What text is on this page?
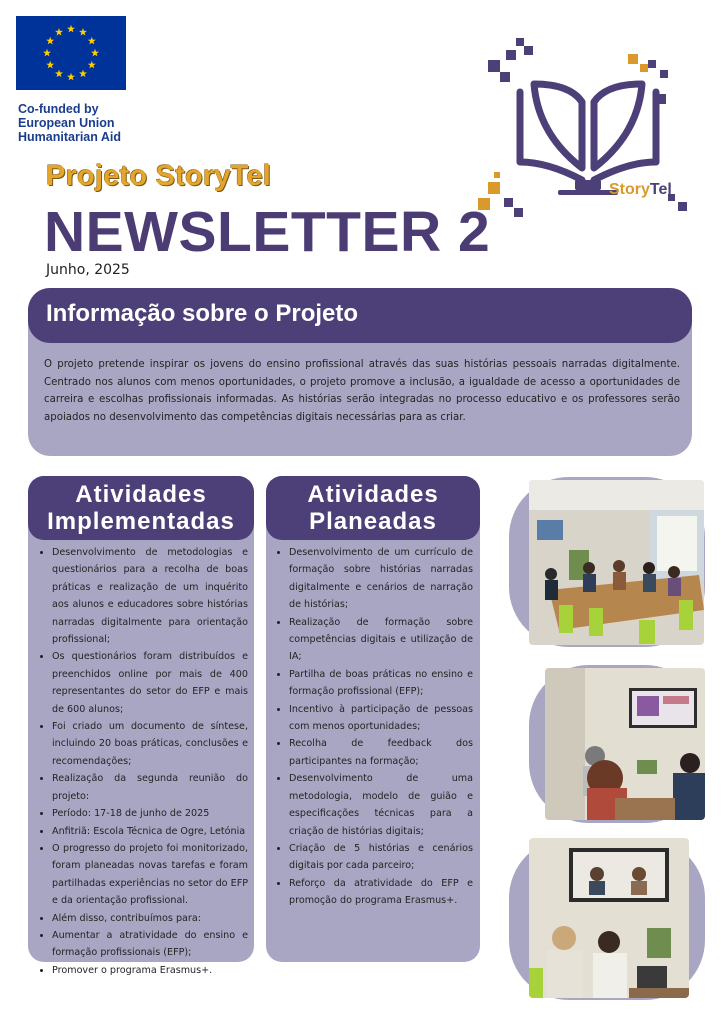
Co-funded by
European Union
Humanitarian Aid
StoryTel
Projeto StoryTel
NEWSLETTER 2
Junho, 2025
Informação sobre o Projeto
O projeto pretende inspirar os jovens do ensino profissional através das suas histórias pessoais narradas digitalmente. Centrado nos alunos com menos oportunidades, o projeto promove a inclusão, a igualdade de acesso a oportunidades de carreira e escolhas profissionais informadas. As histórias serão integradas no processo educativo e os professores serão apoiados no desenvolvimento das competências digitais necessárias para as criar.
Atividades
Implementadas
• Desenvolvimento de metodologias e questionários para a recolha de boas práticas e realização de um inquérito aos alunos e educadores sobre histórias narradas digitalmente para orientação profissional;
• Os questionários foram distribuídos e preenchidos online por mais de 400 representantes do setor do EFP e mais de 600 alunos;
• Foi criado um documento de síntese, incluindo 20 boas práticas, conclusões e recomendações;
• Realização da segunda reunião do projeto:
• Período: 17-18 de junho de 2025
• Anfitriã: Escola Técnica de Ogre, Letónia
• O progresso do projeto foi monitorizado, foram planeadas novas tarefas e foram partilhadas experiências no setor do EFP e da orientação profissional.
• Além disso, contribuímos para:
• Aumentar a atratividade do ensino e formação profissionais (EFP);
• Promover o programa Erasmus+.
Atividades
Planeadas
• Desenvolvimento de um currículo de formação sobre histórias narradas digitalmente e cenários de narração de histórias;
• Realização de formação sobre competências digitais e utilização de IA;
• Partilha de boas práticas no ensino e formação profissional (EFP);
• Incentivo à participação de pessoas com menos oportunidades;
• Recolha de feedback dos participantes na formação;
• Desenvolvimento de uma metodologia, modelo de guião e especificações técnicas para a criação de histórias digitais;
• Criação de 5 histórias e cenários digitais por cada parceiro;
• Reforço da atratividade do EFP e promoção do programa Erasmus+.
